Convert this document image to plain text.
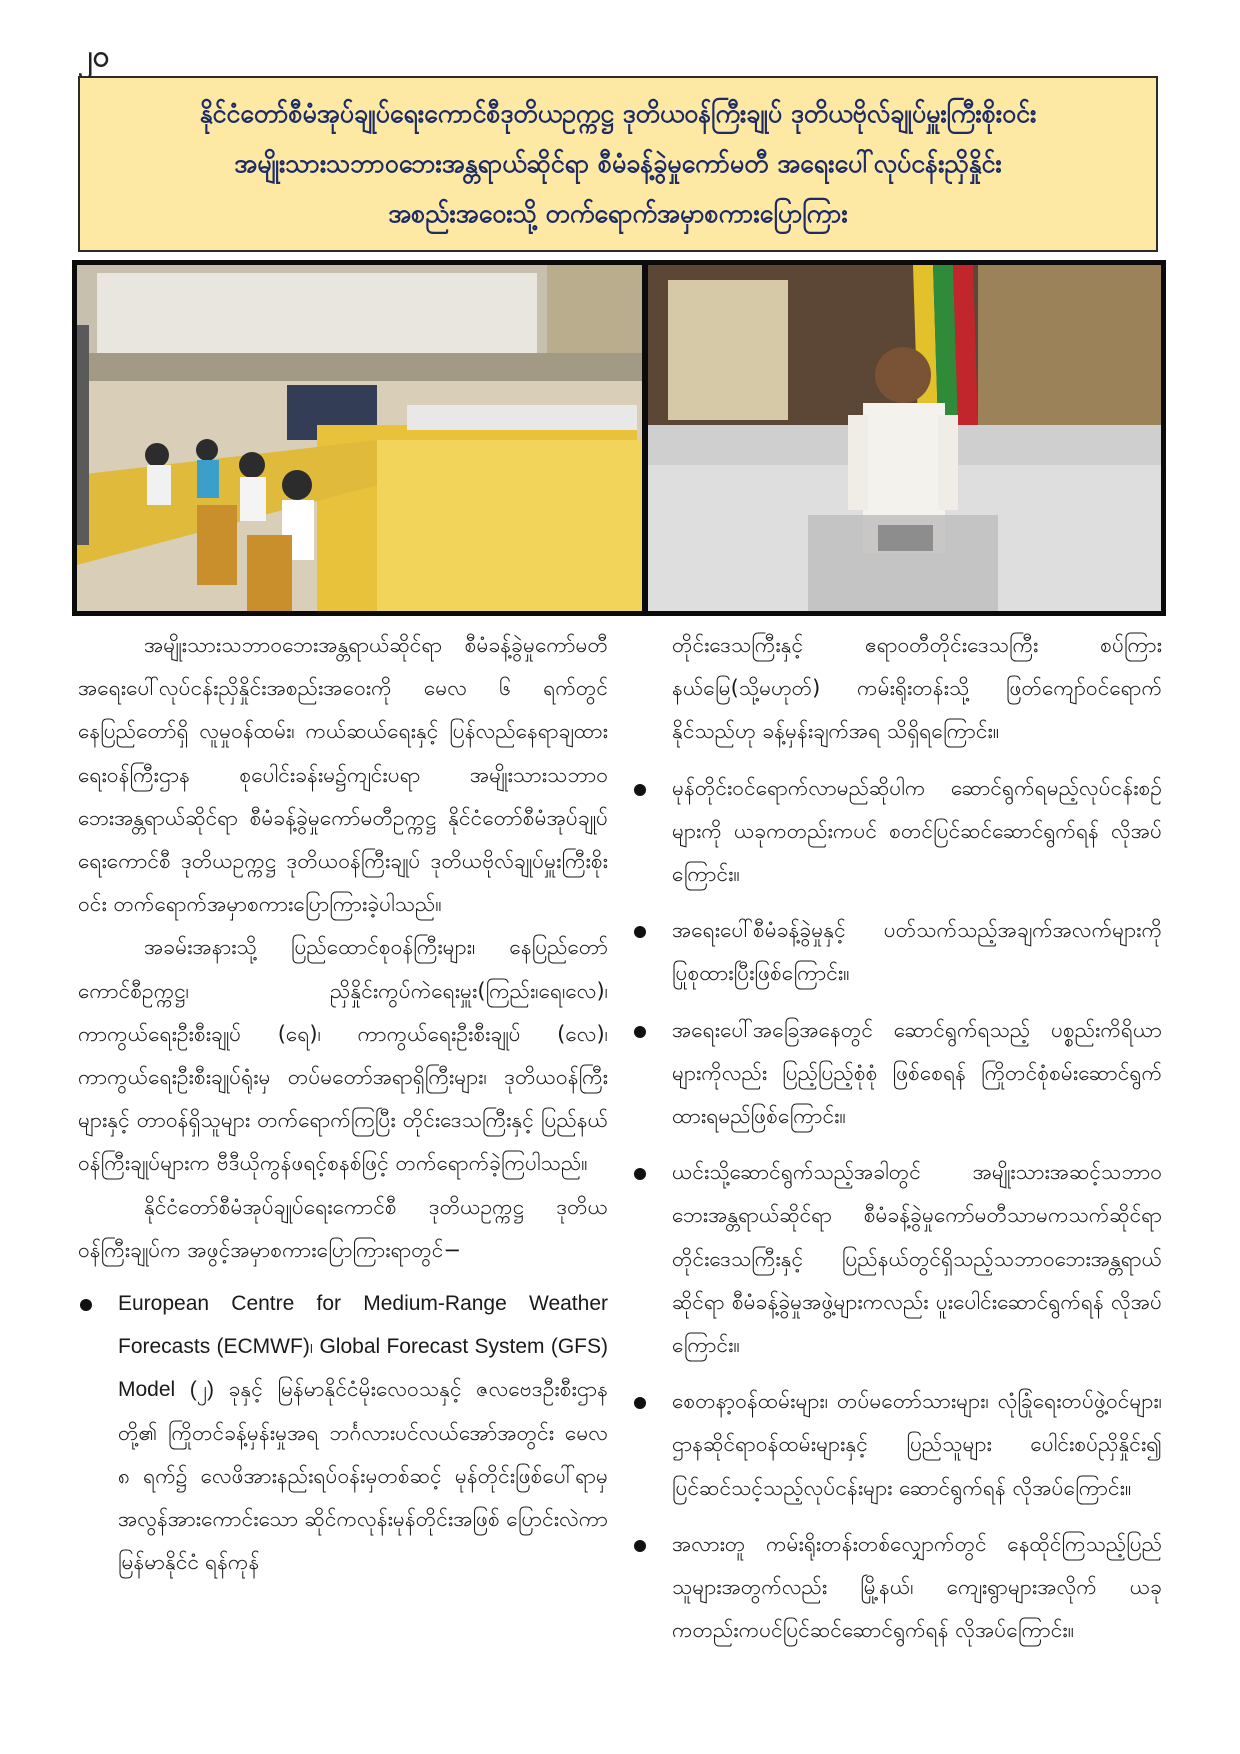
၂၀
နိုင်ငံတော်စီမံအုပ်ချုပ်ရေးကောင်စီဒုတိယဥက္ကဋ္ဌ ဒုတိယဝန်ကြီးချုပ် ဒုတိယဗိုလ်ချုပ်မှူးကြီးစိုးဝင်း
အမျိုးသားသဘာဝဘေးအန္တရာယ်ဆိုင်ရာ စီမံခန့်ခွဲမှုကော်မတီ အရေးပေါ်လုပ်ငန်းညှိနှိုင်း
အစည်းအဝေးသို့ တက်ရောက်အမှာစကားပြောကြား

အမျိုးသားသဘာဝဘေးအန္တရာယ်ဆိုင်ရာ စီမံခန့်ခွဲမှုကော်မတီ အရေးပေါ်လုပ်ငန်းညှိနှိုင်းအစည်းအဝေးကို မေလ ၆ ရက်တွင် နေပြည်တော်ရှိ လူမှုဝန်ထမ်း၊ ကယ်ဆယ်ရေးနှင့် ပြန်လည်နေရာချထားရေးဝန်ကြီးဌာန စုပေါင်းခန်းမ၌ကျင်းပရာ အမျိုးသားသဘာဝဘေးအန္တရာယ်ဆိုင်ရာ စီမံခန့်ခွဲမှုကော်မတီဥက္ကဋ္ဌ နိုင်ငံတော်စီမံအုပ်ချုပ်ရေးကောင်စီ ဒုတိယဥက္ကဋ္ဌ ဒုတိယဝန်ကြီးချုပ် ဒုတိယဗိုလ်ချုပ်မှူးကြီးစိုးဝင်း တက်ရောက်အမှာစကားပြောကြားခဲ့ပါသည်။

အခမ်းအနားသို့ ပြည်ထောင်စုဝန်ကြီးများ၊ နေပြည်တော်ကောင်စီဥက္ကဋ္ဌ၊ ညှိနှိုင်းကွပ်ကဲရေးမှူး(ကြည်း၊ရေ၊လေ)၊ ကာကွယ်ရေးဦးစီးချုပ် (ရေ)၊ ကာကွယ်ရေးဦးစီးချုပ် (လေ)၊ ကာကွယ်ရေးဦးစီးချုပ်ရုံးမှ တပ်မတော်အရာရှိကြီးများ၊ ဒုတိယဝန်ကြီးများနှင့် တာဝန်ရှိသူများ တက်ရောက်ကြပြီး တိုင်းဒေသကြီးနှင့် ပြည်နယ်ဝန်ကြီးချုပ်များက ဗီဒီယိုကွန်ဖရင့်စနစ်ဖြင့် တက်ရောက်ခဲ့ကြပါသည်။

နိုင်ငံတော်စီမံအုပ်ချုပ်ရေးကောင်စီ ဒုတိယဥက္ကဋ္ဌ ဒုတိယဝန်ကြီးချုပ်က အဖွင့်အမှာစကားပြောကြားရာတွင်−

European Centre for Medium-Range Weather Forecasts (ECMWF)၊ Global Forecast System (GFS) Model (၂) ခုနှင့် မြန်မာနိုင်ငံမိုးလေဝသနှင့် ဇလဗေဒဦးစီးဌာနတို့၏ ကြိုတင်ခန့်မှန်းမှုအရ ဘင်္ဂလားပင်လယ်အော်အတွင်း မေလ ၈ ရက်၌ လေဖိအားနည်းရပ်ဝန်းမှတစ်ဆင့် မုန်တိုင်းဖြစ်ပေါ်ရာမှ အလွန်အားကောင်းသော ဆိုင်ကလုန်းမုန်တိုင်းအဖြစ် ပြောင်းလဲကာ မြန်မာနိုင်ငံ ရန်ကုန်

တိုင်းဒေသကြီးနှင့် ဧရာဝတီတိုင်းဒေသကြီး စပ်ကြားနယ်မြေ(သို့မဟုတ်) ကမ်းရိုးတန်းသို့ ဖြတ်ကျော်ဝင်ရောက်နိုင်သည်ဟု ခန့်မှန်းချက်အရ သိရှိရကြောင်း။

မုန်တိုင်းဝင်ရောက်လာမည်ဆိုပါက ဆောင်ရွက်ရမည့်လုပ်ငန်းစဉ်များကို ယခုကတည်းကပင် စတင်ပြင်ဆင်ဆောင်ရွက်ရန် လိုအပ်ကြောင်း။
အရေးပေါ်စီမံခန့်ခွဲမှုနှင့် ပတ်သက်သည့်အချက်အလက်များကို ပြုစုထားပြီးဖြစ်ကြောင်း။
အရေးပေါ်အခြေအနေတွင် ဆောင်ရွက်ရသည့် ပစ္စည်းကိရိယာများကိုလည်း ပြည့်ပြည့်စုံစုံ ဖြစ်စေရန် ကြိုတင်စုံစမ်းဆောင်ရွက်ထားရမည်ဖြစ်ကြောင်း။
ယင်းသို့ဆောင်ရွက်သည့်အခါတွင် အမျိုးသားအဆင့်သဘာဝဘေးအန္တရာယ်ဆိုင်ရာ စီမံခန့်ခွဲမှုကော်မတီသာမကသက်ဆိုင်ရာတိုင်းဒေသကြီးနှင့် ပြည်နယ်တွင်ရှိသည့်သဘာဝဘေးအန္တရာယ်ဆိုင်ရာ စီမံခန့်ခွဲမှုအဖွဲ့များကလည်း ပူးပေါင်းဆောင်ရွက်ရန် လိုအပ်ကြောင်း။
စေတနာ့ဝန်ထမ်းများ၊ တပ်မတော်သားများ၊ လုံခြုံရေးတပ်ဖွဲ့ဝင်များ၊ ဌာနဆိုင်ရာဝန်ထမ်းများနှင့် ပြည်သူများ ပေါင်းစပ်ညှိနှိုင်း၍ ပြင်ဆင်သင့်သည့်လုပ်ငန်းများ ဆောင်ရွက်ရန် လိုအပ်ကြောင်း။
အလားတူ ကမ်းရိုးတန်းတစ်လျှောက်တွင် နေထိုင်ကြသည့်ပြည်သူများအတွက်လည်း မြို့နယ်၊ ကျေးရွာများအလိုက် ယခုကတည်းကပင်ပြင်ဆင်ဆောင်ရွက်ရန် လိုအပ်ကြောင်း။
